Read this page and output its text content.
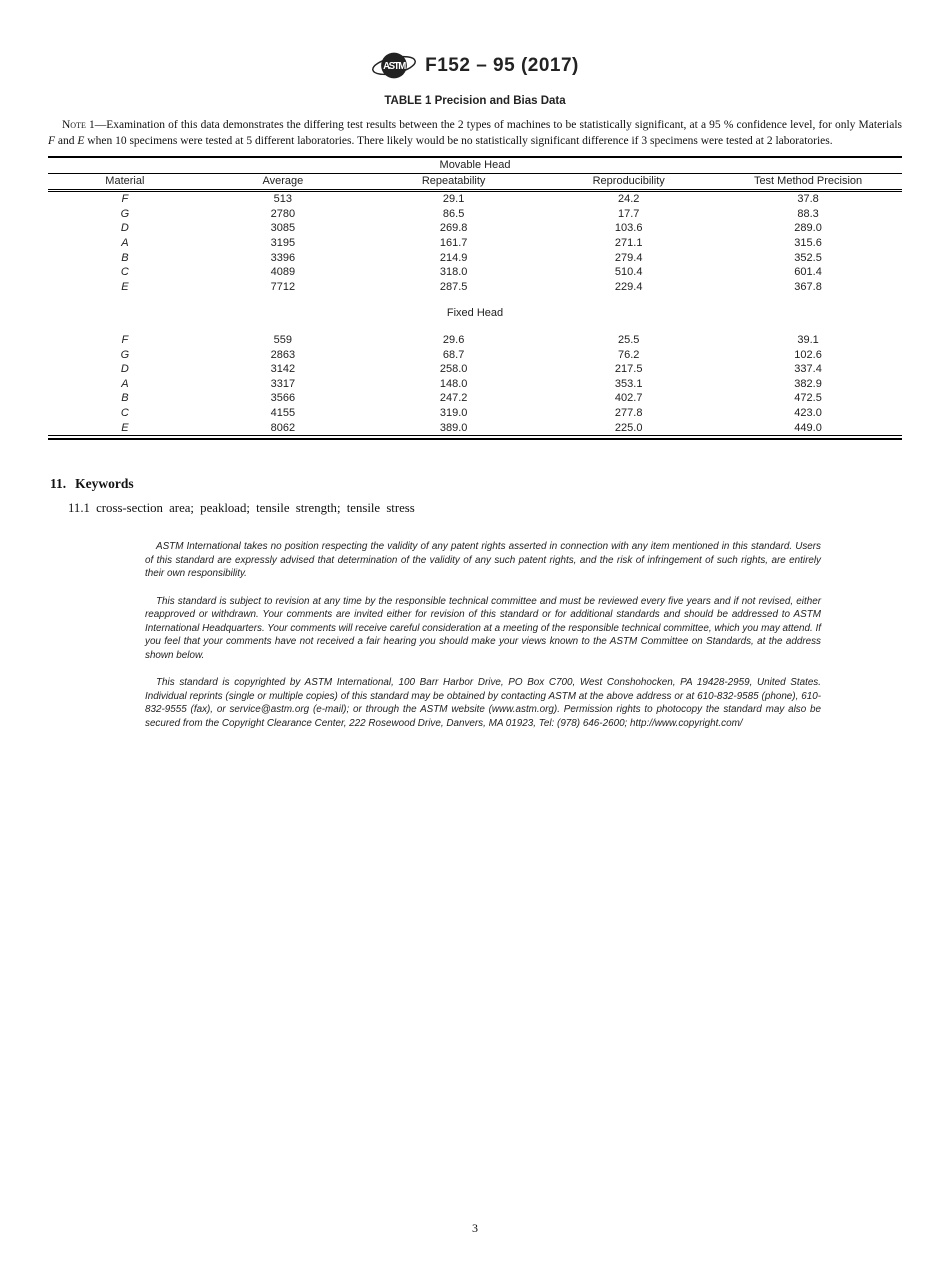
ASTM F152 – 95 (2017)
TABLE 1 Precision and Bias Data

Note 1—Examination of this data demonstrates the differing test results between the 2 types of machines to be statistically significant, at a 95 % confidence level, for only Materials F and E when 10 specimens were tested at 5 different laboratories. There likely would be no statistically significant difference if 3 specimens were tested at 2 laboratories.

Movable Head
Material	Average	Repeatability	Reproducibility	Test Method Precision
F	513	29.1	24.2	37.8
G	2780	86.5	17.7	88.3
D	3085	269.8	103.6	289.0
A	3195	161.7	271.1	315.6
B	3396	214.9	279.4	352.5
C	4089	318.0	510.4	601.4
E	7712	287.5	229.4	367.8

Fixed Head				

F	559	29.6	25.5	39.1
G	2863	68.7	76.2	102.6
D	3142	258.0	217.5	337.4
A	3317	148.0	353.1	382.9
B	3566	247.2	402.7	472.5
C	4155	319.0	277.8	423.0
E	8062	389.0	225.0	449.0
11. Keywords

11.1 cross-section area; peakload; tensile strength; tensile stress

ASTM International takes no position respecting the validity of any patent rights asserted in connection with any item mentioned in this standard. Users of this standard are expressly advised that determination of the validity of any such patent rights, and the risk of infringement of such rights, are entirely their own responsibility.

This standard is subject to revision at any time by the responsible technical committee and must be reviewed every five years and if not revised, either reapproved or withdrawn. Your comments are invited either for revision of this standard or for additional standards and should be addressed to ASTM International Headquarters. Your comments will receive careful consideration at a meeting of the responsible technical committee, which you may attend. If you feel that your comments have not received a fair hearing you should make your views known to the ASTM Committee on Standards, at the address shown below.

This standard is copyrighted by ASTM International, 100 Barr Harbor Drive, PO Box C700, West Conshohocken, PA 19428-2959, United States. Individual reprints (single or multiple copies) of this standard may be obtained by contacting ASTM at the above address or at 610-832-9585 (phone), 610-832-9555 (fax), or service@astm.org (e-mail); or through the ASTM website (www.astm.org). Permission rights to photocopy the standard may also be secured from the Copyright Clearance Center, 222 Rosewood Drive, Danvers, MA 01923, Tel: (978) 646-2600; http://www.copyright.com/

3
